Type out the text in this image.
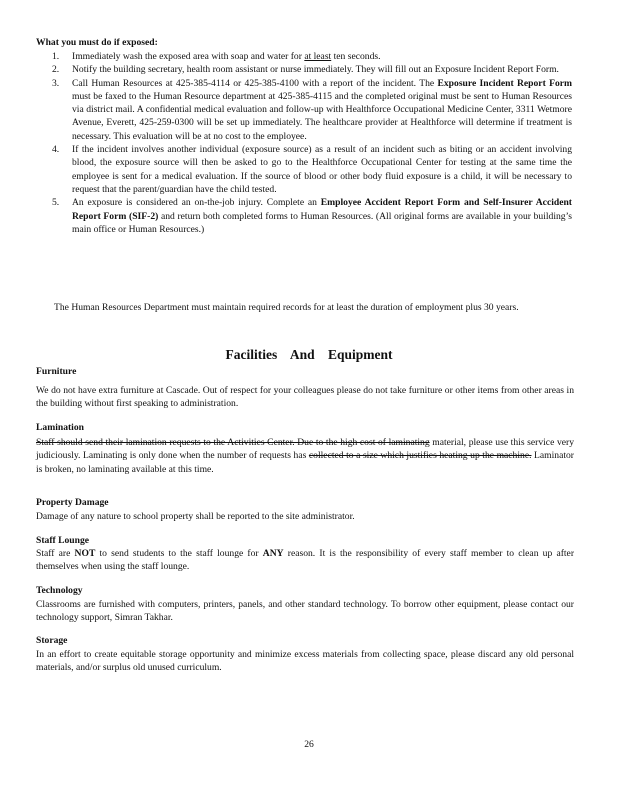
What you must do if exposed:
1. Immediately wash the exposed area with soap and water for at least ten seconds.
2. Notify the building secretary, health room assistant or nurse immediately. They will fill out an Exposure Incident Report Form.
3. Call Human Resources at 425-385-4114 or 425-385-4100 with a report of the incident. The Exposure Incident Report Form must be faxed to the Human Resource department at 425-385-4115 and the completed original must be sent to Human Resources via district mail. A confidential medical evaluation and follow-up with Healthforce Occupational Medicine Center, 3311 Wetmore Avenue, Everett, 425-259-0300 will be set up immediately. The healthcare provider at Healthforce will determine if treatment is necessary. This evaluation will be at no cost to the employee.
4. If the incident involves another individual (exposure source) as a result of an incident such as biting or an accident involving blood, the exposure source will then be asked to go to the Healthforce Occupational Center for testing at the same time the employee is sent for a medical evaluation. If the source of blood or other body fluid exposure is a child, it will be necessary to request that the parent/guardian have the child tested.
5. An exposure is considered an on-the-job injury. Complete an Employee Accident Report Form and Self-Insurer Accident Report Form (SIF-2) and return both completed forms to Human Resources. (All original forms are available in your building’s main office or Human Resources.)
The Human Resources Department must maintain required records for at least the duration of employment plus 30 years.
Facilities And Equipment
Furniture
We do not have extra furniture at Cascade. Out of respect for your colleagues please do not take furniture or other items from other areas in the building without first speaking to administration.
Lamination
Staff should send their lamination requests to the Activities Center. Due to the high cost of laminating material, please use this service very judiciously. Laminating is only done when the number of requests has collected to a size which justifies heating up the machine. Laminator is broken, no laminating available at this time.
Property Damage
Damage of any nature to school property shall be reported to the site administrator.
Staff Lounge
Staff are NOT to send students to the staff lounge for ANY reason. It is the responsibility of every staff member to clean up after themselves when using the staff lounge.
Technology
Classrooms are furnished with computers, printers, panels, and other standard technology. To borrow other equipment, please contact our technology support, Simran Takhar.
Storage
In an effort to create equitable storage opportunity and minimize excess materials from collecting space, please discard any old personal materials, and/or surplus old unused curriculum.
26
